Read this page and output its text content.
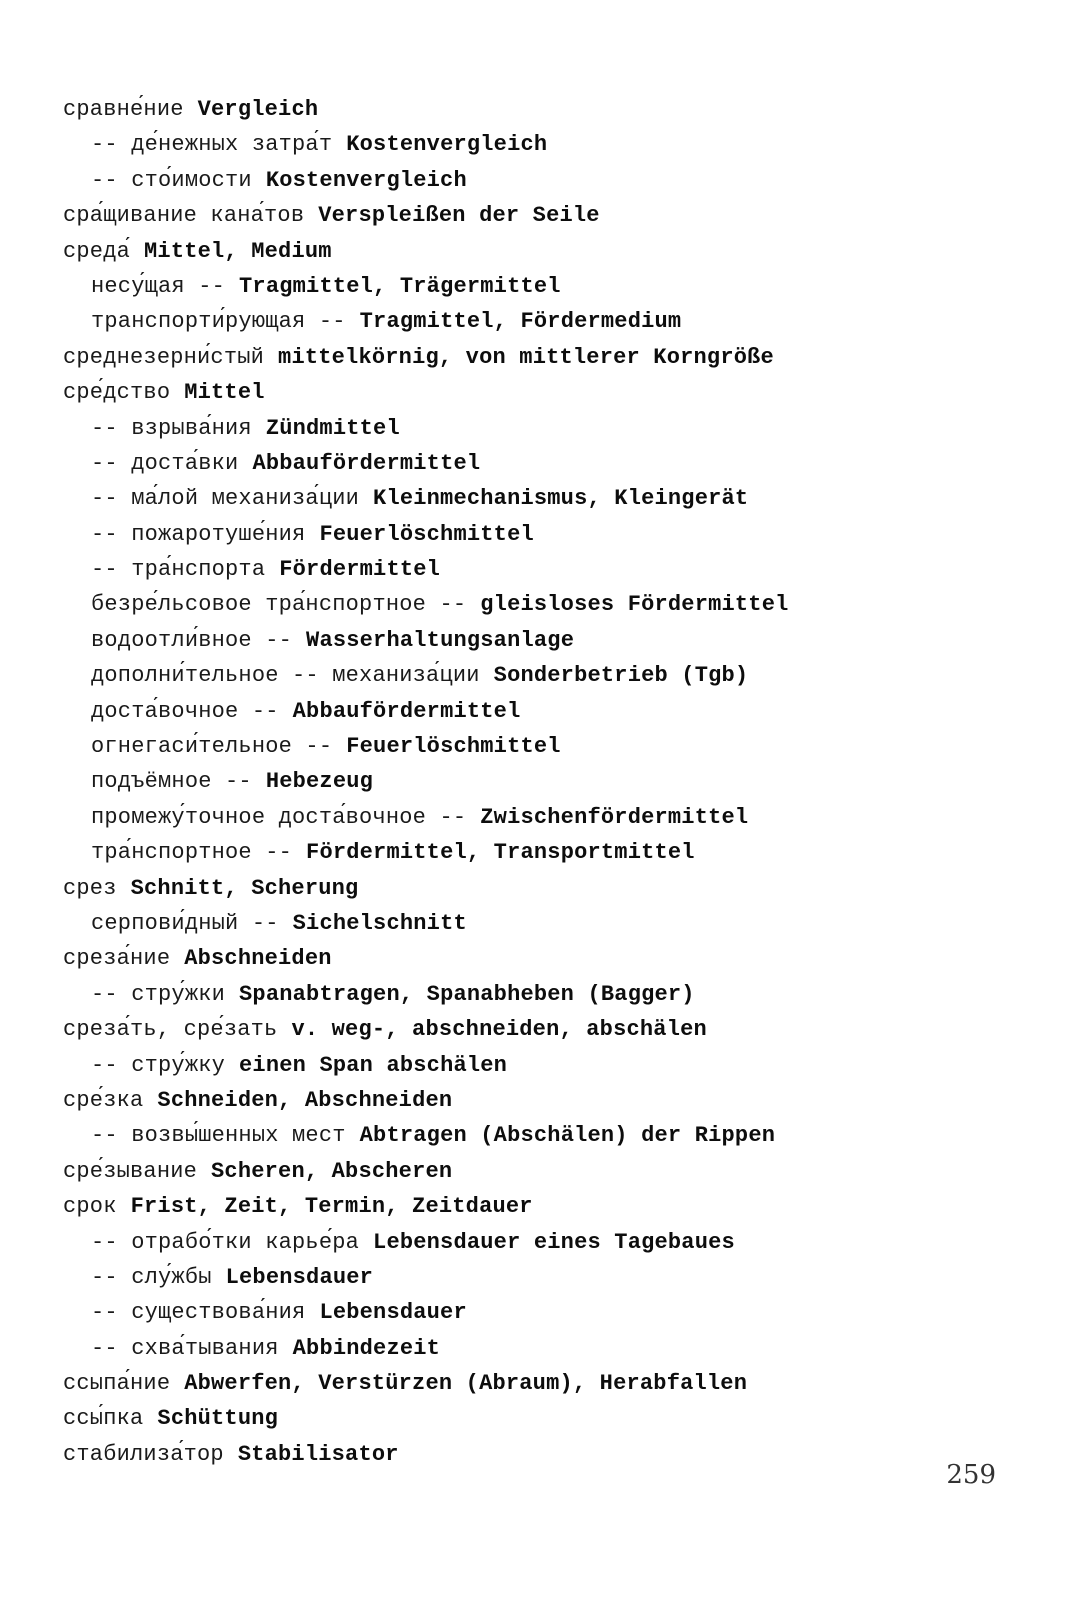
сравне́ние Vergleich
-- де́нежных затра́т Kostenvergleich
-- сто́имости Kostenvergleich
сра́щивание кана́тов Verspleißen der Seile
среда́ Mittel, Medium
несу́щая -- Tragmittel, Trägermittel
транспорти́рующая -- Tragmittel, Fördermedium
среднезерни́стый mittelkörnig, von mittlerer Korngröße
сре́дство Mittel
-- взрыва́ния Zündmittel
-- доста́вки Abbaufördermittel
-- ма́лой механиза́ции Kleinmechanismus, Kleingerät
-- пожаротуше́ния Feuerlöschmittel
-- тра́нспорта Fördermittel
безре́льсовое тра́нспортное -- gleisloses Fördermittel
водоотли́вное -- Wasserhaltungsanlage
дополни́тельное -- механиза́ции Sonderbetrieb (Tgb)
доста́вочное -- Abbaufördermittel
огнегаси́тельное -- Feuerlöschmittel
подъёмное -- Hebezeug
промежу́точное доста́вочное -- Zwischenfördermittel
тра́нспортное -- Fördermittel, Transportmittel
срез Schnitt, Scherung
серпови́дный -- Sichelschnitt
среза́ние Abschneiden
-- стру́жки Spanabtragen, Spanabheben (Bagger)
среза́ть, сре́зать v. weg-, abschneiden, abschälen
-- стру́жку einen Span abschälen
сре́зка Schneiden, Abschneiden
-- возвы́шенных мест Abtragen (Abschälen) der Rippen
сре́зывание Scheren, Abscheren
срок Frist, Zeit, Termin, Zeitdauer
-- отрабо́тки карье́ра Lebensdauer eines Tagebaues
-- слу́жбы Lebensdauer
-- существова́ния Lebensdauer
-- схва́тывания Abbindezeit
ссыпа́ние Abwerfen, Verstürzen (Abraum), Herabfallen
ссы́пка Schüttung
стабилиза́тор Stabilisator
259
